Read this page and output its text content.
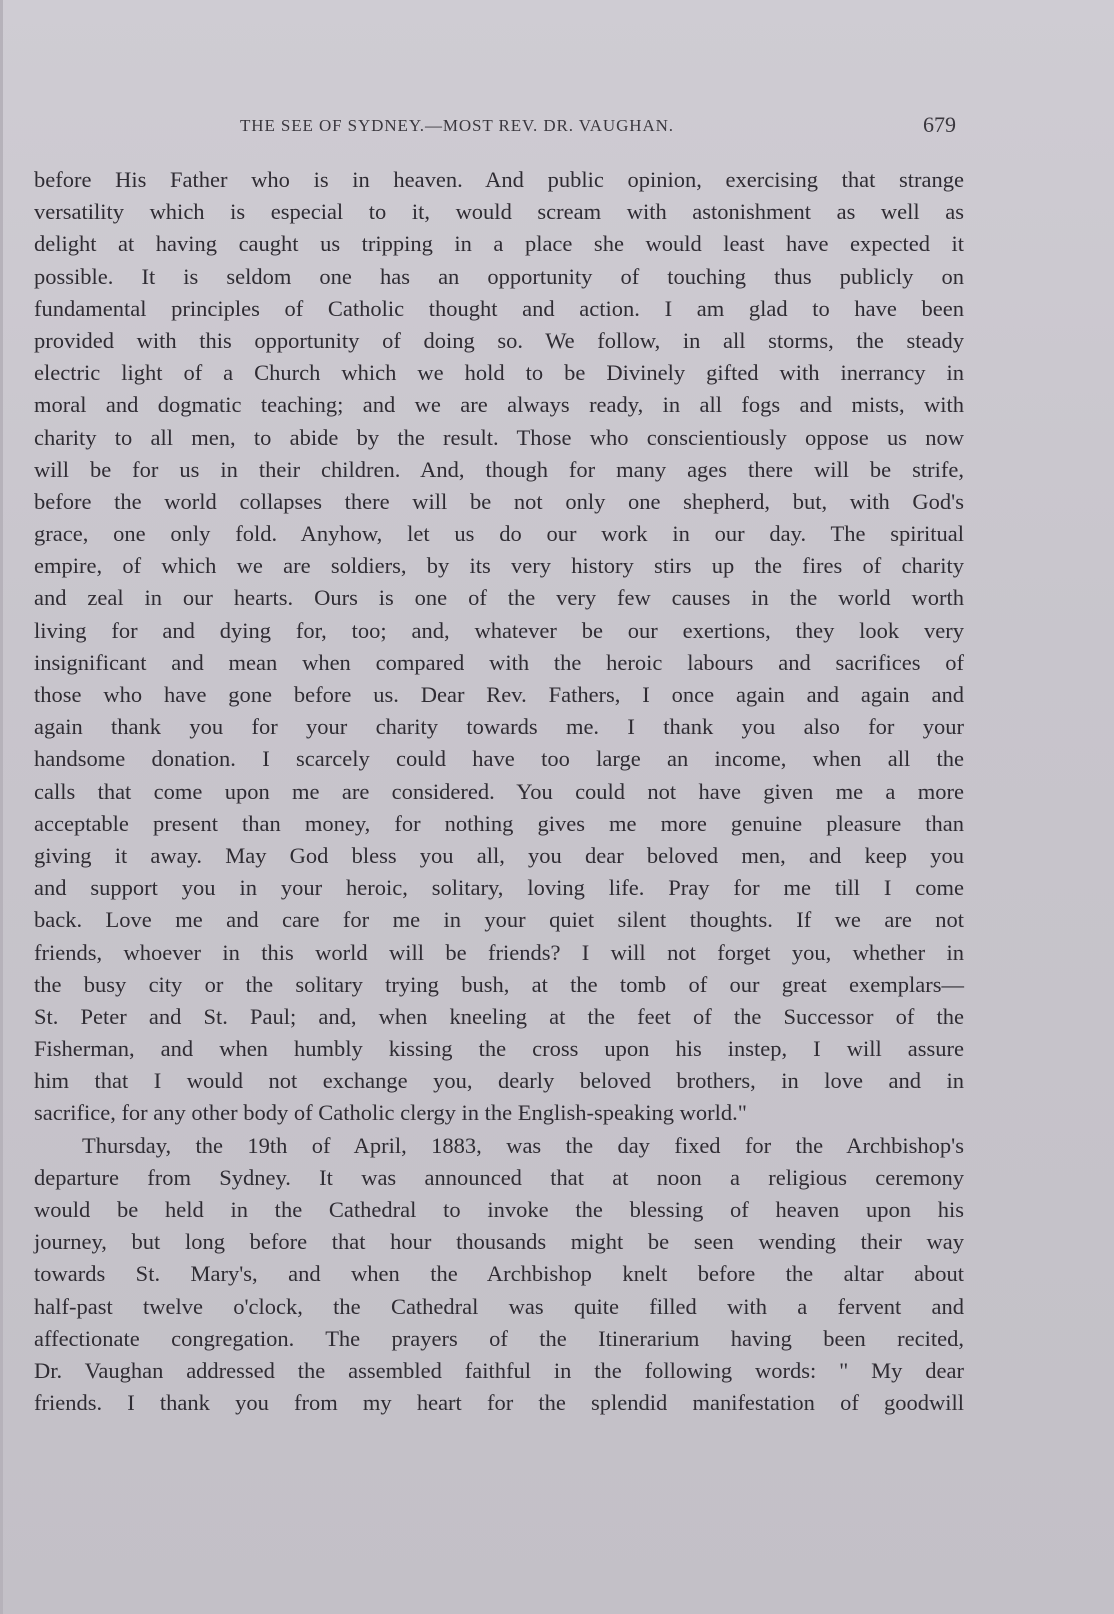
THE SEE OF SYDNEY.—MOST REV. DR. VAUGHAN.	679
before His Father who is in heaven. And public opinion, exercising that strange
versatility which is especial to it, would scream with astonishment as well as
delight at having caught us tripping in a place she would least have expected it
possible. It is seldom one has an opportunity of touching thus publicly on
fundamental principles of Catholic thought and action. I am glad to have been
provided with this opportunity of doing so. We follow, in all storms, the steady
electric light of a Church which we hold to be Divinely gifted with inerrancy in
moral and dogmatic teaching; and we are always ready, in all fogs and mists, with
charity to all men, to abide by the result. Those who conscientiously oppose us now
will be for us in their children. And, though for many ages there will be strife,
before the world collapses there will be not only one shepherd, but, with God's
grace, one only fold. Anyhow, let us do our work in our day. The spiritual
empire, of which we are soldiers, by its very history stirs up the fires of charity
and zeal in our hearts. Ours is one of the very few causes in the world worth
living for and dying for, too; and, whatever be our exertions, they look very
insignificant and mean when compared with the heroic labours and sacrifices of
those who have gone before us. Dear Rev. Fathers, I once again and again and
again thank you for your charity towards me. I thank you also for your
handsome donation. I scarcely could have too large an income, when all the
calls that come upon me are considered. You could not have given me a more
acceptable present than money, for nothing gives me more genuine pleasure than
giving it away. May God bless you all, you dear beloved men, and keep you
and support you in your heroic, solitary, loving life. Pray for me till I come
back. Love me and care for me in your quiet silent thoughts. If we are not
friends, whoever in this world will be friends? I will not forget you, whether in
the busy city or the solitary trying bush, at the tomb of our great exemplars—
St. Peter and St. Paul; and, when kneeling at the feet of the Successor of the
Fisherman, and when humbly kissing the cross upon his instep, I will assure
him that I would not exchange you, dearly beloved brothers, in love and in
sacrifice, for any other body of Catholic clergy in the English-speaking world."
Thursday, the 19th of April, 1883, was the day fixed for the Archbishop's
departure from Sydney. It was announced that at noon a religious ceremony
would be held in the Cathedral to invoke the blessing of heaven upon his
journey, but long before that hour thousands might be seen wending their way
towards St. Mary's, and when the Archbishop knelt before the altar about
half-past twelve o'clock, the Cathedral was quite filled with a fervent and
affectionate congregation. The prayers of the Itinerarium having been recited,
Dr. Vaughan addressed the assembled faithful in the following words: " My dear
friends. I thank you from my heart for the splendid manifestation of goodwill
